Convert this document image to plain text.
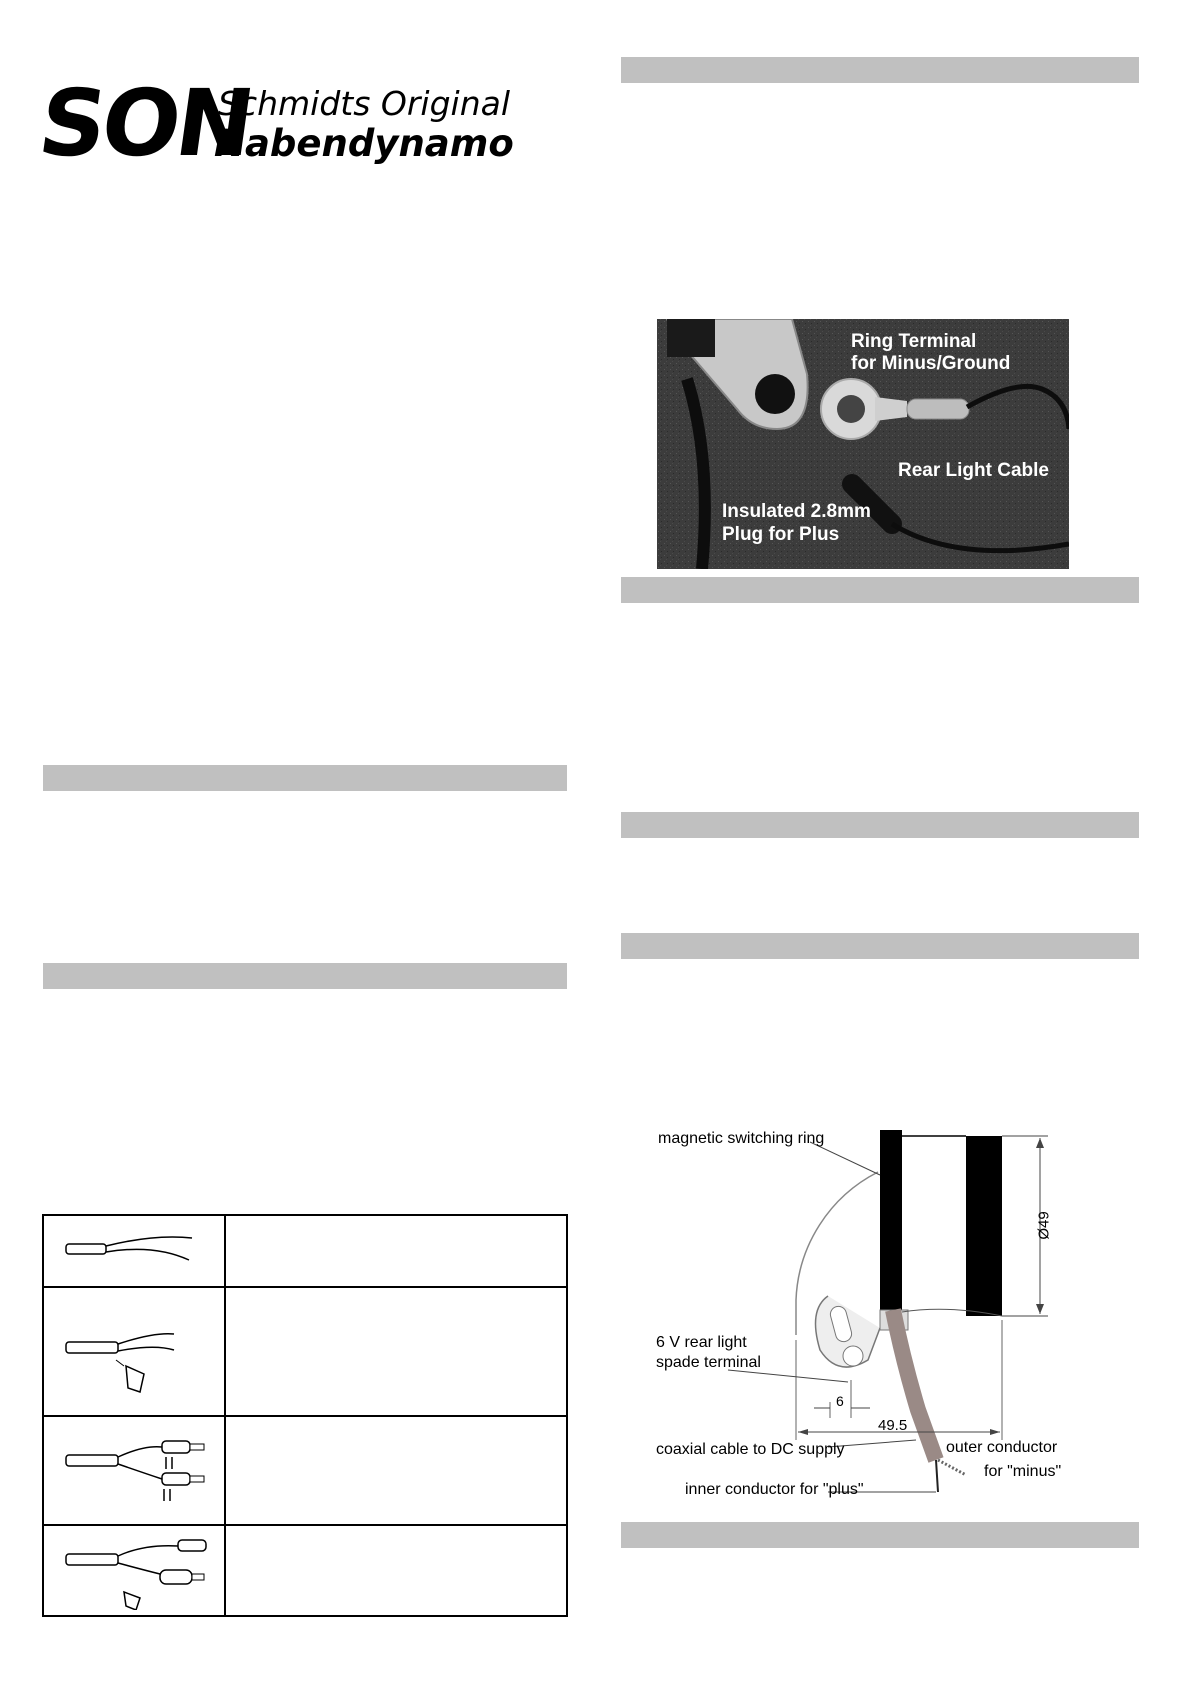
SON
Schmidts Original
Nabendynamo
Ring Terminal
for Minus/Ground
Rear Light Cable
Insulated 2.8mm
Plug for Plus
magnetic switching ring
6 V rear light
spade terminal
coaxial cable to DC supply	outer conductor
for "minus"
inner conductor for "plus"
Ø49
49.5
6
